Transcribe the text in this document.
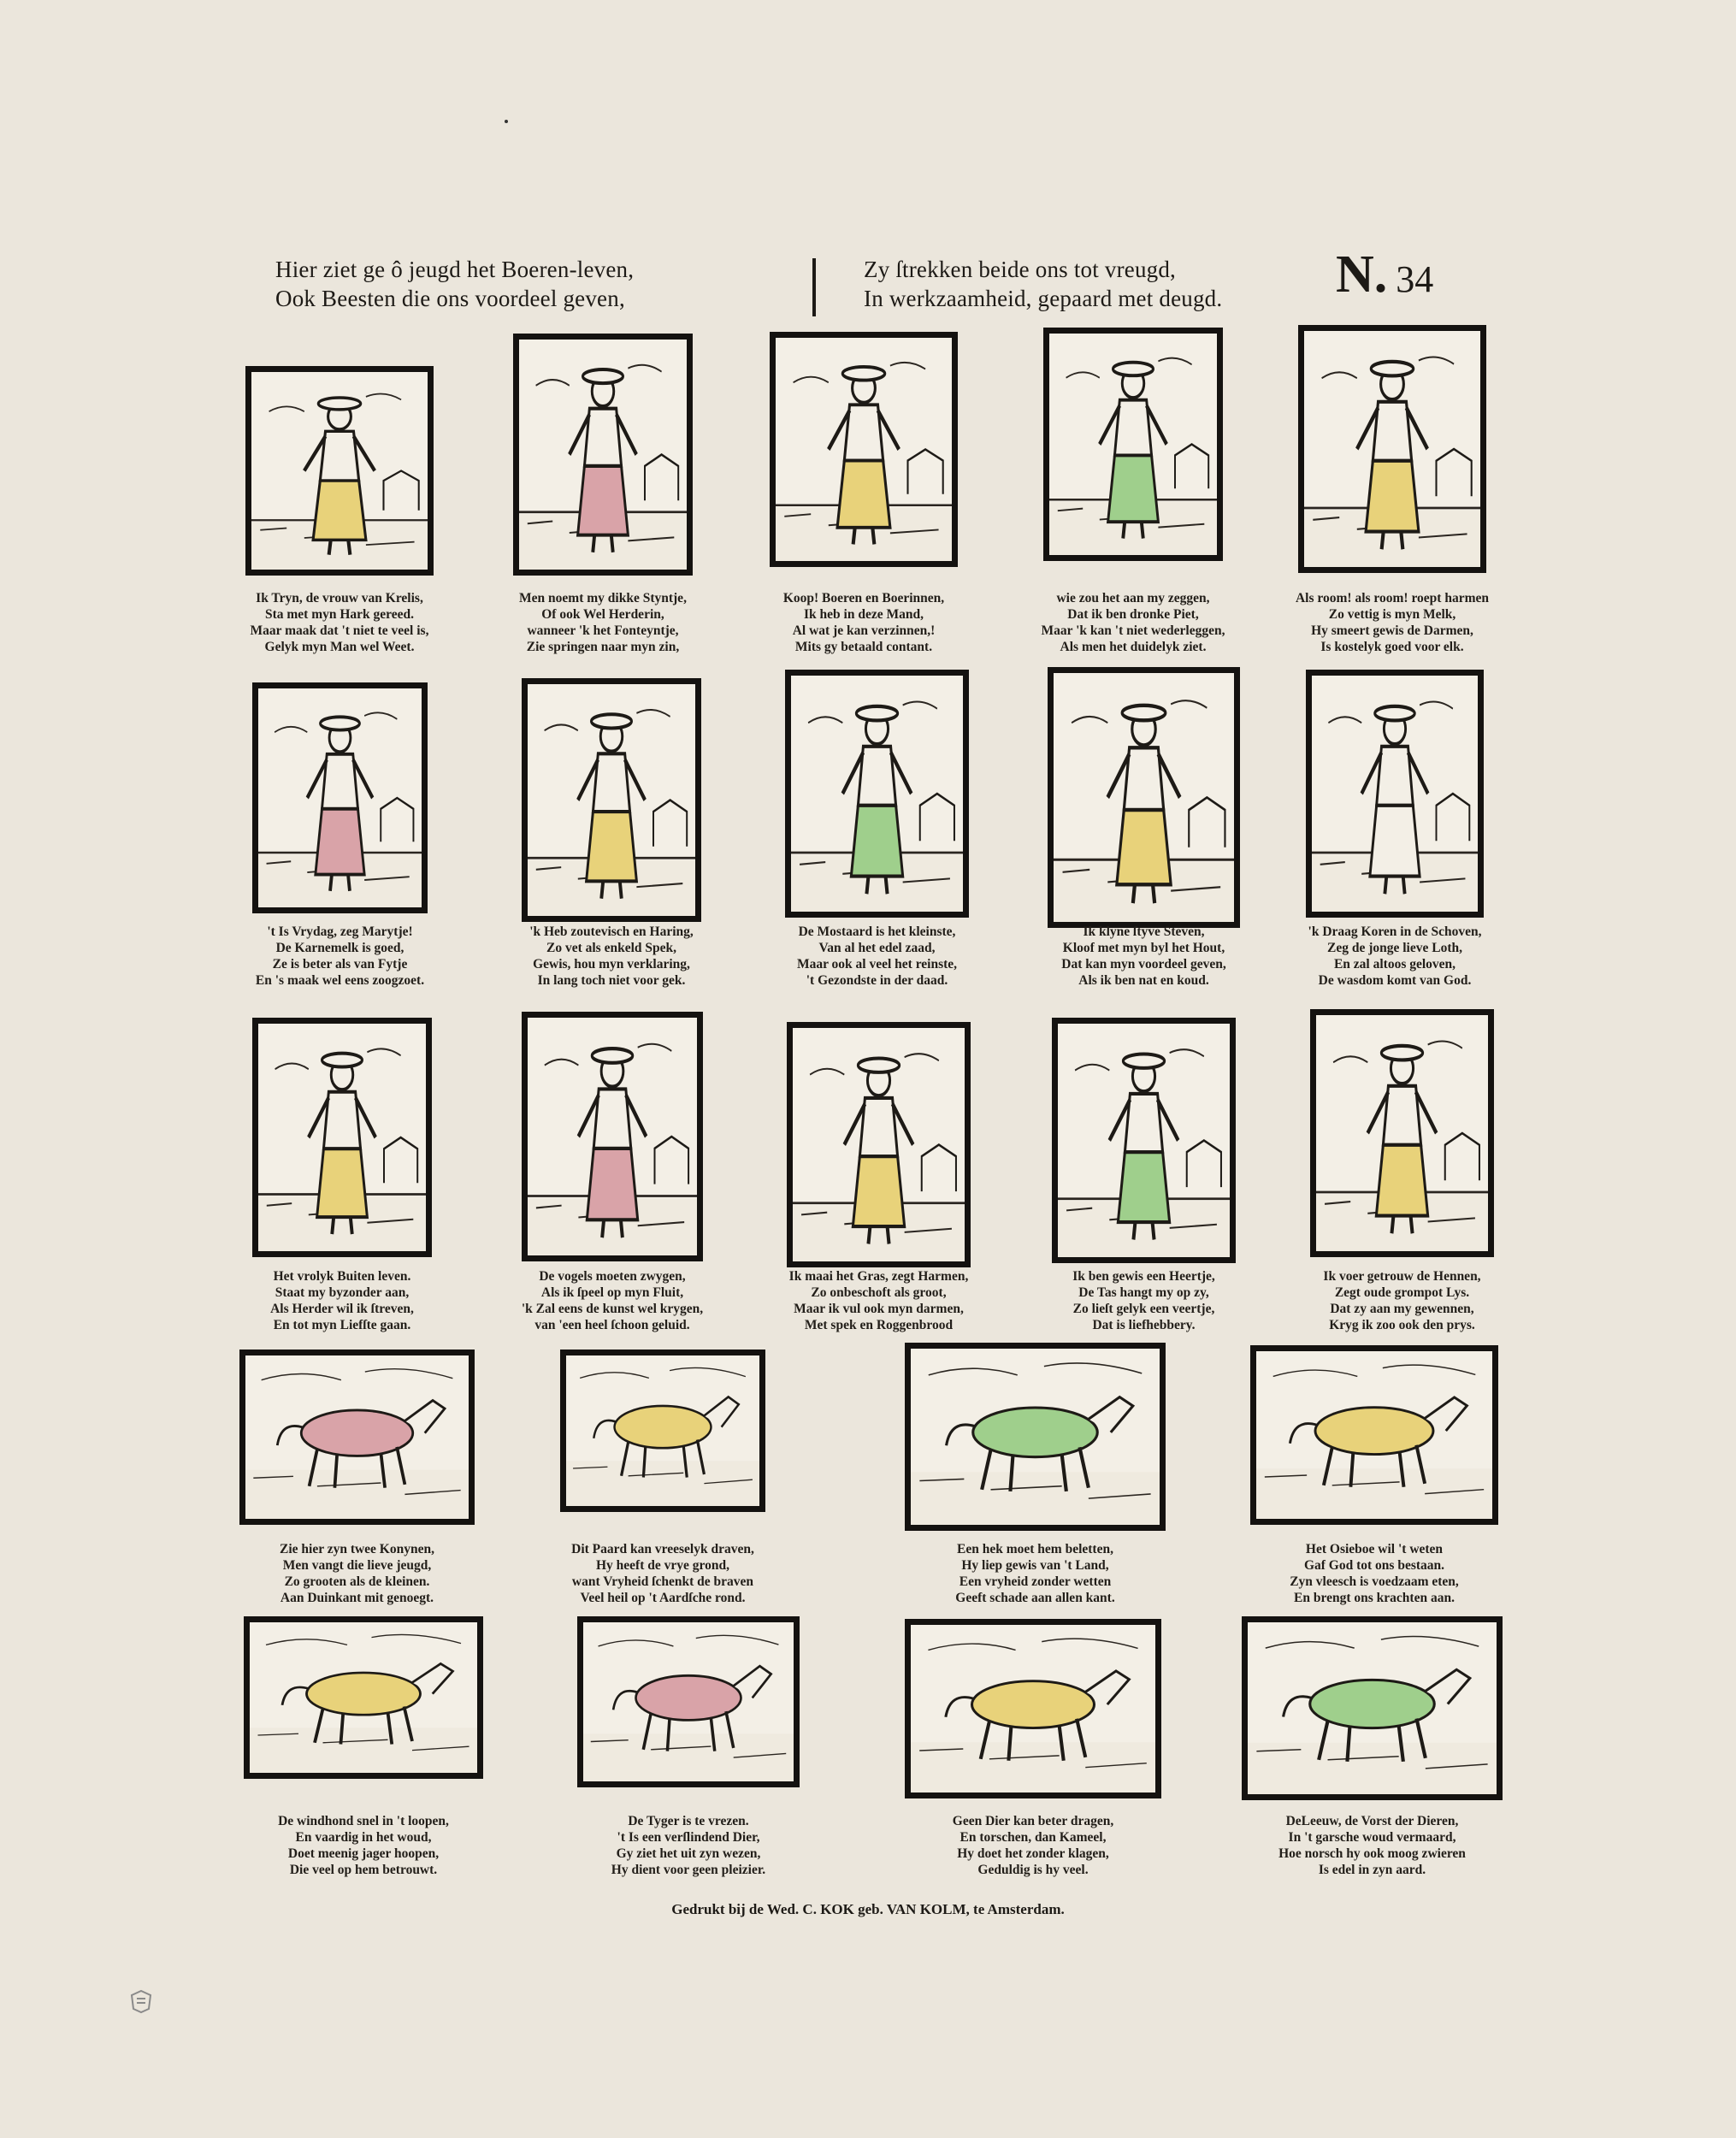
Hier ziet ge ô jeugd het Boeren-leven,
Ook Beesten die ons voordeel geven,
Zy ſtrekken beide ons tot vreugd,
In werkzaamheid, gepaard met deugd. N. 34
Ik Tryn, de vrouw van Krelis,
Sta met myn Hark gereed.
Maar maak dat 't niet te veel is,
Gelyk myn Man wel Weet.
Men noemt my dikke Styntje,
Of ook Wel Herderin,
wanneer 'k het Fonteyntje,
Zie springen naar myn zin,
Koop! Boeren en Boerinnen,
Ik heb in deze Mand,
Al wat je kan verzinnen,!
Mits gy betaald contant.
wie zou het aan my zeggen,
Dat ik ben dronke Piet,
Maar 'k kan 't niet wederleggen,
Als men het duidelyk ziet.
Als room! als room! roept harmen
Zo vettig is myn Melk,
Hy smeert gewis de Darmen,
Is kostelyk goed voor elk.
't Is Vrydag, zeg Marytje!
De Karnemelk is goed,
Ze is beter als van Fytje
En 's maak wel eens zoogzoet.
'k Heb zoutevisch en Haring,
Zo vet als enkeld Spek,
Gewis, hou myn verklaring,
In lang toch niet voor gek.
De Mostaard is het kleinste,
Van al het edel zaad,
Maar ook al veel het reinste,
't Gezondste in der daad.
Ik klyne ſtyve Steven,
Kloof met myn byl het Hout,
Dat kan myn voordeel geven,
Als ik ben nat en koud.
'k Draag Koren in de Schoven,
Zeg de jonge lieve Loth,
En zal altoos geloven,
De wasdom komt van God.
Het vrolyk Buiten leven.
Staat my byzonder aan,
Als Herder wil ik ſtreven,
En tot myn Liefſte gaan.
De vogels moeten zwygen,
Als ik ſpeel op myn Fluit,
'k Zal eens de kunst wel krygen,
van 'een heel ſchoon geluid.
Ik maai het Gras, zegt Harmen,
Zo onbeschoft als groot,
Maar ik vul ook myn darmen,
Met spek en Roggenbrood
Ik ben gewis een Heertje,
De Tas hangt my op zy,
Zo lieſt gelyk een veertje,
Dat is liefhebbery.
Ik voer getrouw de Hennen,
Zegt oude grompot Lys.
Dat zy aan my gewennen,
Kryg ik zoo ook den prys.
Zie hier zyn twee Konynen,
Men vangt die lieve jeugd,
Zo grooten als de kleinen.
Aan Duinkant mit genoegt.
Dit Paard kan vreeselyk draven,
Hy heeft de vrye grond,
want Vryheid ſchenkt de braven
Veel heil op 't Aardſche rond.
Een hek moet hem beletten,
Hy liep gewis van 't Land,
Een vryheid zonder wetten
Geeft schade aan allen kant.
Het Osieboe wil 't weten
Gaf God tot ons bestaan.
Zyn vleesch is voedzaam eten,
En brengt ons krachten aan.
De windhond snel in 't loopen,
En vaardig in het woud,
Doet meenig jager hoopen,
Die veel op hem betrouwt.
De Tyger is te vrezen.
't Is een verſlindend Dier,
Gy ziet het uit zyn wezen,
Hy dient voor geen pleizier.
Geen Dier kan beter dragen,
En torschen, dan Kameel,
Hy doet het zonder klagen,
Geduldig is hy veel.
DeLeeuw, de Vorst der Dieren,
In 't garsche woud vermaard,
Hoe norsch hy ook moog zwieren
Is edel in zyn aard.
Gedrukt bij de Wed. C. KOK geb. VAN KOLM, te Amsterdam.
